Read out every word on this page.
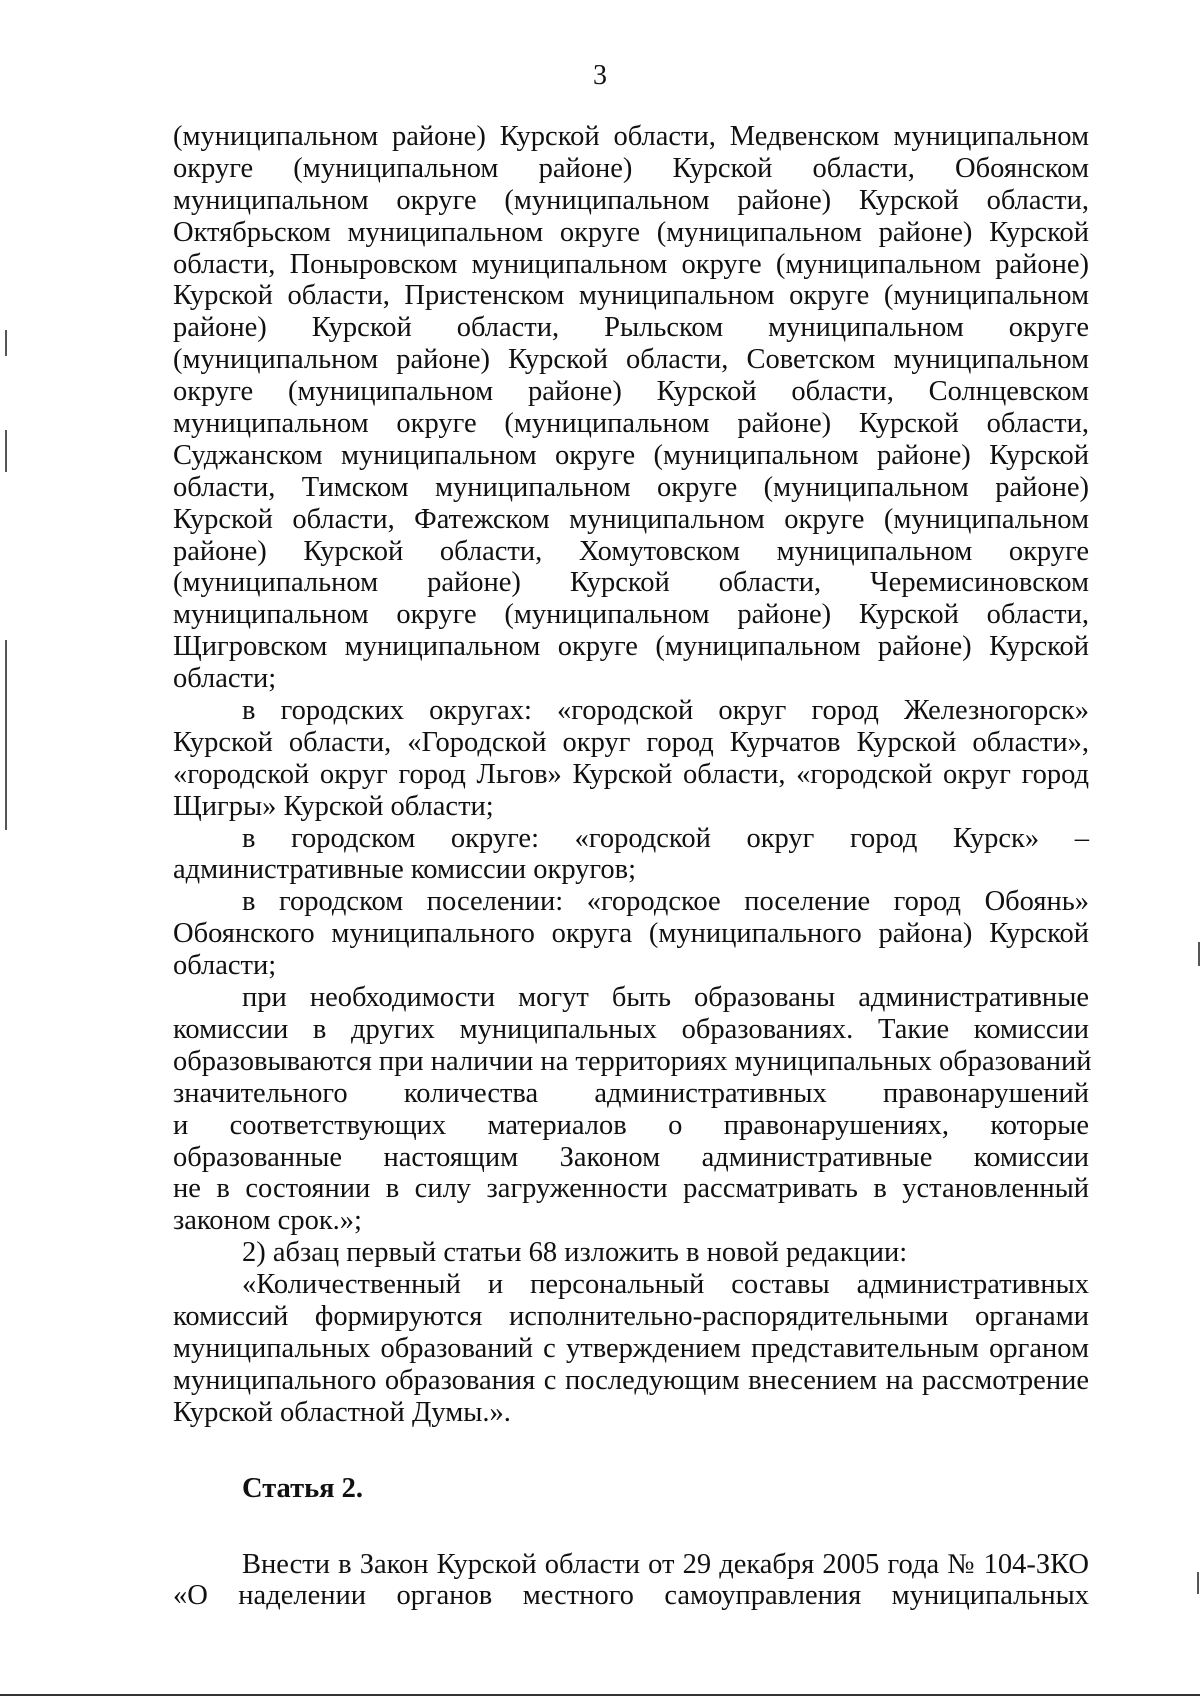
3
(муниципальном районе) Курской области, Медвенском муниципальном
округе (муниципальном районе) Курской области, Обоянском
муниципальном округе (муниципальном районе) Курской области,
Октябрьском муниципальном округе (муниципальном районе) Курской
области, Поныровском муниципальном округе (муниципальном районе)
Курской области, Пристенском муниципальном округе (муниципальном
районе) Курской области, Рыльском муниципальном округе
(муниципальном районе) Курской области, Советском муниципальном
округе (муниципальном районе) Курской области, Солнцевском
муниципальном округе (муниципальном районе) Курской области,
Суджанском муниципальном округе (муниципальном районе) Курской
области, Тимском муниципальном округе (муниципальном районе)
Курской области, Фатежском муниципальном округе (муниципальном
районе) Курской области, Хомутовском муниципальном округе
(муниципальном районе) Курской области, Черемисиновском
муниципальном округе (муниципальном районе) Курской области,
Щигровском муниципальном округе (муниципальном районе) Курской
области;
в городских округах: «городской округ город Железногорск»
Курской области, «Городской округ город Курчатов Курской области»,
«городской округ город Льгов» Курской области, «городской округ город
Щигры» Курской области;
в городском округе: «городской округ город Курск» –
административные комиссии округов;
в городском поселении: «городское поселение город Обоянь»
Обоянского муниципального округа (муниципального района) Курской
области;
при необходимости могут быть образованы административные
комиссии в других муниципальных образованиях. Такие комиссии
образовываются при наличии на территориях муниципальных образований
значительного количества административных правонарушений
и соответствующих материалов о правонарушениях, которые
образованные настоящим Законом административные комиссии
не в состоянии в силу загруженности рассматривать в установленный
законом срок.»;
2) абзац первый статьи 68 изложить в новой редакции:
«Количественный и персональный составы административных
комиссий формируются исполнительно-распорядительными органами
муниципальных образований с утверждением представительным органом
муниципального образования с последующим внесением на рассмотрение
Курской областной Думы.».
Статья 2.
Внести в Закон Курской области от 29 декабря 2005 года № 104-ЗКО
«О наделении органов местного самоуправления муниципальных
